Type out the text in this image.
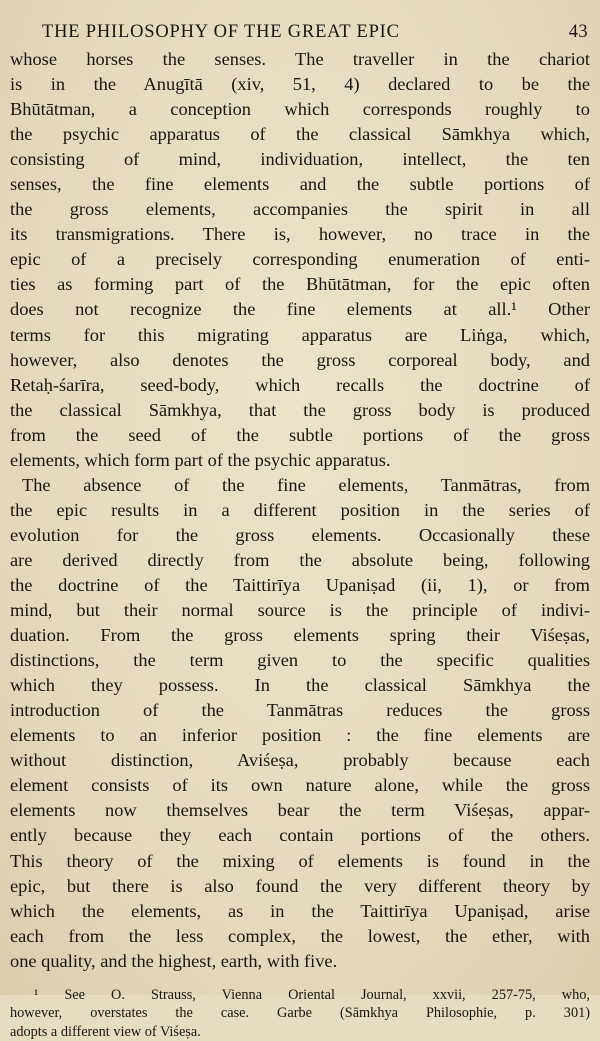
THE PHILOSOPHY OF THE GREAT EPIC	43
whose horses the senses. The traveller in the chariot
is in the Anugītā (xiv, 51, 4) declared to be the
Bhūtātman, a conception which corresponds roughly to
the psychic apparatus of the classical Sāmkhya which,
consisting of mind, individuation, intellect, the ten
senses, the fine elements and the subtle portions of
the gross elements, accompanies the spirit in all
its transmigrations. There is, however, no trace in the
epic of a precisely corresponding enumeration of enti-
ties as forming part of the Bhūtātman, for the epic often
does not recognize the fine elements at all.¹ Other
terms for this migrating apparatus are Liṅga, which,
however, also denotes the gross corporeal body, and
Retaḥ-śarīra, seed-body, which recalls the doctrine of
the classical Sāmkhya, that the gross body is produced
from the seed of the subtle portions of the gross
elements, which form part of the psychic apparatus.
The absence of the fine elements, Tanmātras, from
the epic results in a different position in the series of
evolution for the gross elements. Occasionally these
are derived directly from the absolute being, following
the doctrine of the Taittirīya Upaniṣad (ii, 1), or from
mind, but their normal source is the principle of indivi-
duation. From the gross elements spring their Viśeṣas,
distinctions, the term given to the specific qualities
which they possess. In the classical Sāmkhya the
introduction of the Tanmātras reduces the gross
elements to an inferior position : the fine elements are
without distinction, Aviśeṣa, probably because each
element consists of its own nature alone, while the gross
elements now themselves bear the term Viśeṣas, appar-
ently because they each contain portions of the others.
This theory of the mixing of elements is found in the
epic, but there is also found the very different theory by
which the elements, as in the Taittirīya Upaniṣad, arise
each from the less complex, the lowest, the ether, with
one quality, and the highest, earth, with five.
¹ See O. Strauss, Vienna Oriental Journal, xxvii, 257-75, who,
however, overstates the case. Garbe (Sāmkhya Philosophie, p. 301)
adopts a different view of Viśeṣa.
